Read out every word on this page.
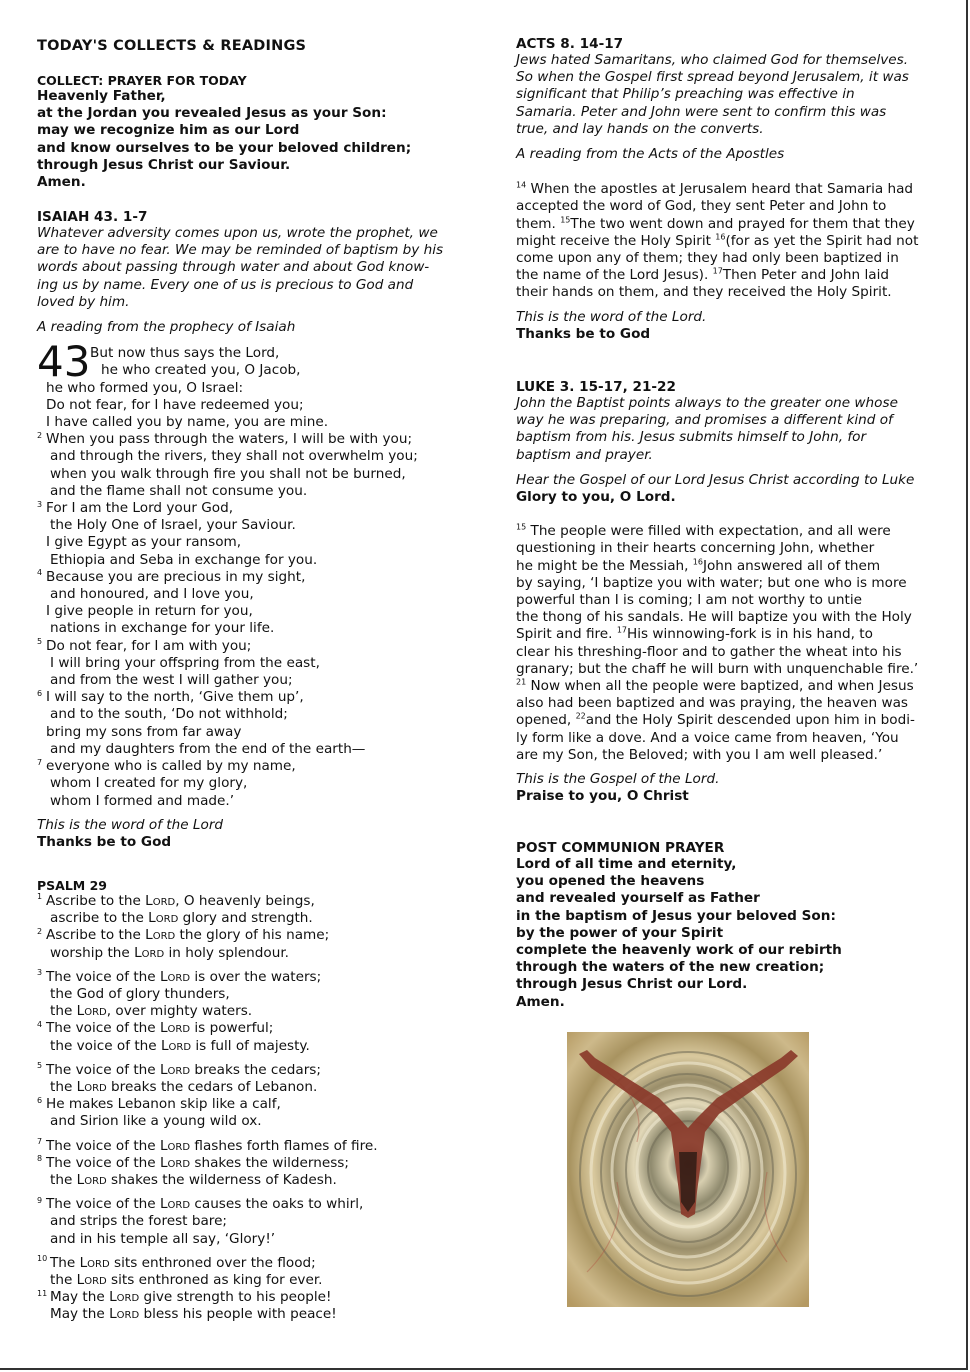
TODAY'S COLLECTS & READINGS
COLLECT: PRAYER FOR TODAY
Heavenly Father,
at the Jordan you revealed Jesus as your Son:
may we recognize him as our Lord
and know ourselves to be your beloved children;
through Jesus Christ our Saviour.
Amen.
ISAIAH 43. 1-7
Whatever adversity comes upon us, wrote the prophet, we
are to have no fear. We may be reminded of baptism by his
words about passing through water and about God know-
ing us by name. Every one of us is precious to God and
loved by him.
A reading from the prophecy of Isaiah
43 But now thus says the Lord,
he who created you, O Jacob,
he who formed you, O Israel:
Do not fear, for I have redeemed you;
I have called you by name, you are mine.
2 When you pass through the waters, I will be with you;
and through the rivers, they shall not overwhelm you;
when you walk through fire you shall not be burned,
and the flame shall not consume you.
3 For I am the Lord your God,
the Holy One of Israel, your Saviour.
I give Egypt as your ransom,
Ethiopia and Seba in exchange for you.
4 Because you are precious in my sight,
and honoured, and I love you,
I give people in return for you,
nations in exchange for your life.
5 Do not fear, for I am with you;
I will bring your offspring from the east,
and from the west I will gather you;
6 I will say to the north, ‘Give them up’,
and to the south, ‘Do not withhold;
bring my sons from far away
and my daughters from the end of the earth—
7 everyone who is called by my name,
whom I created for my glory,
whom I formed and made.’
This is the word of the Lord
Thanks be to God
PSALM 29
1 Ascribe to the Lord, O heavenly beings,
ascribe to the Lord glory and strength.
2 Ascribe to the Lord the glory of his name;
worship the Lord in holy splendour.
3 The voice of the Lord is over the waters;
the God of glory thunders,
the Lord, over mighty waters.
4 The voice of the Lord is powerful;
the voice of the Lord is full of majesty.
5 The voice of the Lord breaks the cedars;
the Lord breaks the cedars of Lebanon.
6 He makes Lebanon skip like a calf,
and Sirion like a young wild ox.
7 The voice of the Lord flashes forth flames of fire.
8 The voice of the Lord shakes the wilderness;
the Lord shakes the wilderness of Kadesh.
9 The voice of the Lord causes the oaks to whirl,
and strips the forest bare;
and in his temple all say, ‘Glory!’
10 The Lord sits enthroned over the flood;
the Lord sits enthroned as king for ever.
11 May the Lord give strength to his people!
May the Lord bless his people with peace!
ACTS 8. 14-17
Jews hated Samaritans, who claimed God for themselves.
So when the Gospel first spread beyond Jerusalem, it was
significant that Philip’s preaching was effective in
Samaria. Peter and John were sent to confirm this was
true, and lay hands on the converts.
A reading from the Acts of the Apostles
$^{14}$ When the apostles at Jerusalem heard that Samaria had
accepted the word of God, they sent Peter and John to
them. $^{15}$The two went down and prayed for them that they
might receive the Holy Spirit $^{16}$(for as yet the Spirit had not
come upon any of them; they had only been baptized in
the name of the Lord Jesus). $^{17}$Then Peter and John laid
their hands on them, and they received the Holy Spirit.
This is the word of the Lord.
Thanks be to God
LUKE 3. 15-17, 21-22
John the Baptist points always to the greater one whose
way he was preparing, and promises a different kind of
baptism from his. Jesus submits himself to John, for
baptism and prayer.
Hear the Gospel of our Lord Jesus Christ according to Luke
Glory to you, O Lord.
$^{15}$ The people were filled with expectation, and all were
questioning in their hearts concerning John, whether
he might be the Messiah, $^{16}$John answered all of them
by saying, ‘I baptize you with water; but one who is more
powerful than I is coming; I am not worthy to untie
the thong of his sandals. He will baptize you with the Holy
Spirit and fire. $^{17}$His winnowing-fork is in his hand, to
clear his threshing-floor and to gather the wheat into his
granary; but the chaff he will burn with unquenchable fire.’
$^{21}$ Now when all the people were baptized, and when Jesus
also had been baptized and was praying, the heaven was
opened, $^{22}$and the Holy Spirit descended upon him in bodi-
ly form like a dove. And a voice came from heaven, ‘You
are my Son, the Beloved; with you I am well pleased.’
This is the Gospel of the Lord.
Praise to you, O Christ
POST COMMUNION PRAYER
Lord of all time and eternity,
you opened the heavens
and revealed yourself as Father
in the baptism of Jesus your beloved Son:
by the power of your Spirit
complete the heavenly work of our rebirth
through the waters of the new creation;
through Jesus Christ our Lord.
Amen.
